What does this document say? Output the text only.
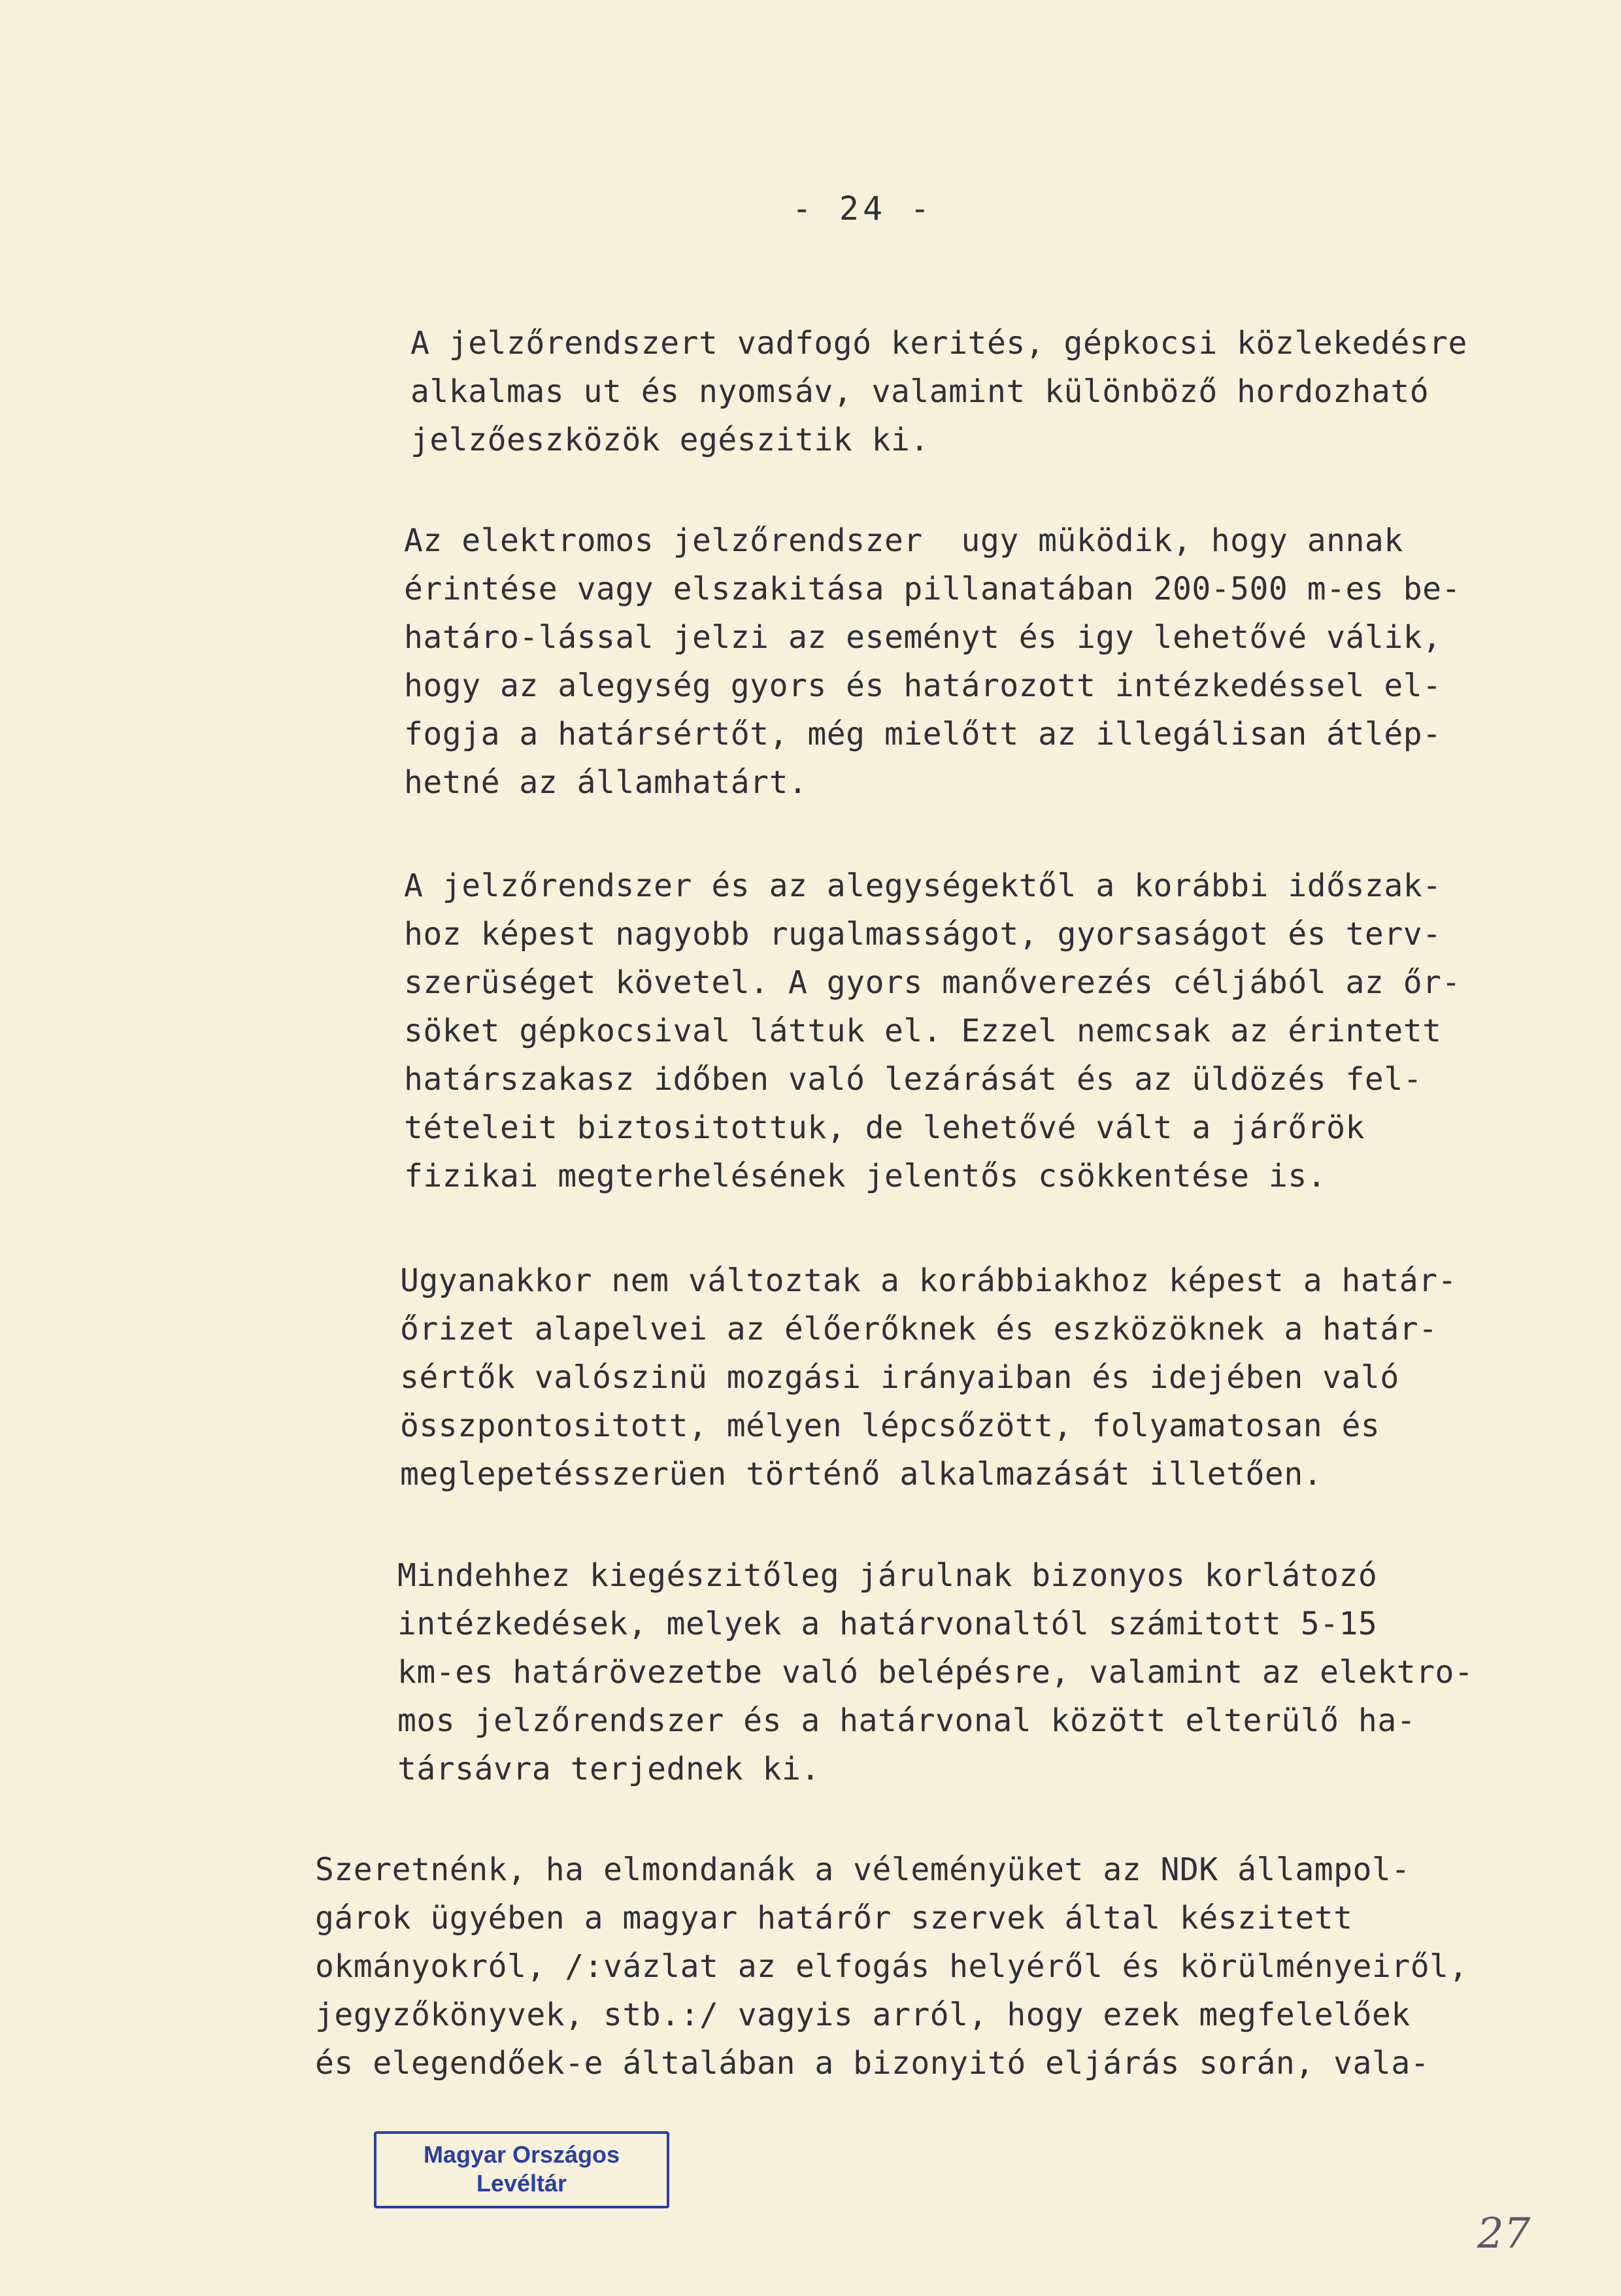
- 24 -

A jelzőrendszert vadfogó kerités, gépkocsi közlekedésre
alkalmas ut és nyomsáv, valamint különböző hordozható
jelzőeszközök egészitik ki.

Az elektromos jelzőrendszer  ugy müködik, hogy annak
érintése vagy elszakitása pillanatában 200-500 m-es be-
határo-lással jelzi az eseményt és igy lehetővé válik,
hogy az alegység gyors és határozott intézkedéssel el-
fogja a határsértőt, még mielőtt az illegálisan átlép-
hetné az államhatárt.

A jelzőrendszer és az alegységektől a korábbi időszak-
hoz képest nagyobb rugalmasságot, gyorsaságot és terv-
szerüséget követel. A gyors manőverezés céljából az őr-
söket gépkocsival láttuk el. Ezzel nemcsak az érintett
határszakasz időben való lezárását és az üldözés fel-
tételeit biztositottuk, de lehetővé vált a járőrök
fizikai megterhelésének jelentős csökkentése is.

Ugyanakkor nem változtak a korábbiakhoz képest a határ-
őrizet alapelvei az élőerőknek és eszközöknek a határ-
sértők valószinü mozgási irányaiban és idejében való
összpontositott, mélyen lépcsőzött, folyamatosan és
meglepetésszerüen történő alkalmazását illetően.

Mindehhez kiegészitőleg járulnak bizonyos korlátozó
intézkedések, melyek a határvonaltól számitott 5-15
km-es határövezetbe való belépésre, valamint az elektro-
mos jelzőrendszer és a határvonal között elterülő ha-
társávra terjednek ki.

Szeretnénk, ha elmondanák a véleményüket az NDK állampol-
gárok ügyében a magyar határőr szervek által készitett
okmányokról, /:vázlat az elfogás helyéről és körülményeiről,
jegyzőkönyvek, stb.:/ vagyis arról, hogy ezek megfelelőek
és elegendőek-e általában a bizonyitó eljárás során, vala-

Magyar Országos
Levéltár
27
